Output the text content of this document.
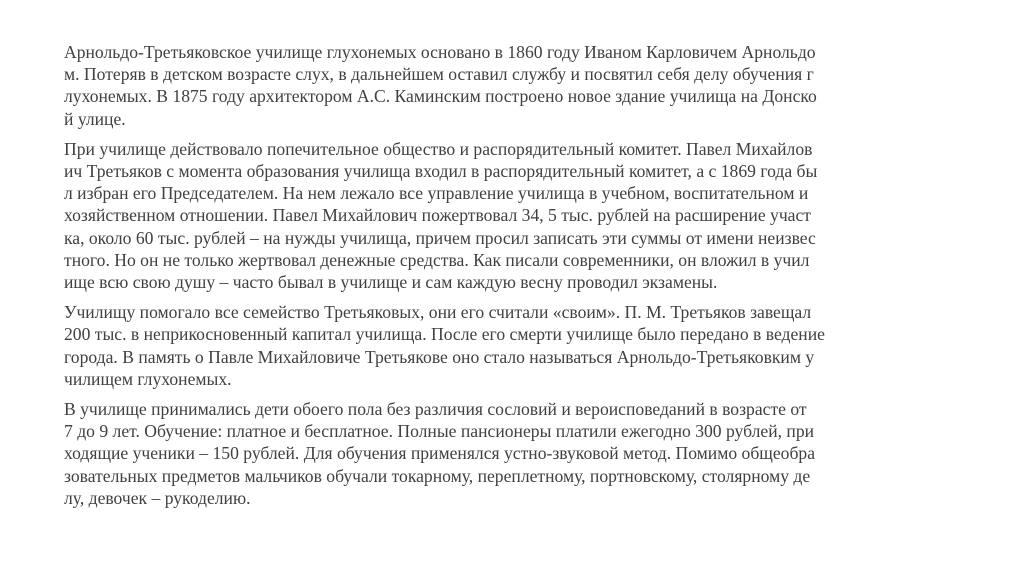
Арнольдо-Третьяковское училище глухонемых основано в 1860 году Иваном Карловичем Арнольдо
м. Потеряв в детском возрасте слух, в дальнейшем оставил службу и посвятил себя делу обучения г
лухонемых. В 1875 году архитектором А.С. Каминским построено новое здание училища на Донско
й улице.
При училище действовало попечительное общество и распорядительный комитет. Павел Михайлов
ич Третьяков с момента образования училища входил в распорядительный комитет, а с 1869 года бы
л избран его Председателем. На нем лежало все управление училища в учебном, воспитательном и
хозяйственном отношении. Павел Михайлович пожертвовал 34, 5 тыс. рублей на расширение участ
ка, около 60 тыс. рублей – на нужды училища, причем просил записать эти суммы от имени неизвес
тного. Но он не только жертвовал денежные средства. Как писали современники, он вложил в учил
ище всю свою душу – часто бывал в училище и сам каждую весну проводил экзамены.
Училищу помогало все семейство Третьяковых, они его считали «своим». П. М. Третьяков завещал
200 тыс. в неприкосновенный капитал училища. После его смерти училище было передано в ведение
города. В память о Павле Михайловиче Третьякове оно стало называться Арнольдо-Третьяковким у
чилищем глухонемых.
В училище принимались дети обоего пола без различия сословий и вероисповеданий в возрасте от
7 до 9 лет. Обучение: платное и бесплатное. Полные пансионеры платили ежегодно 300 рублей, при
ходящие ученики – 150 рублей. Для обучения применялся устно-звуковой метод. Помимо общеобра
зовательных предметов мальчиков обучали токарному, переплетному, портновскому, столярному де
лу, девочек – рукоделию.
